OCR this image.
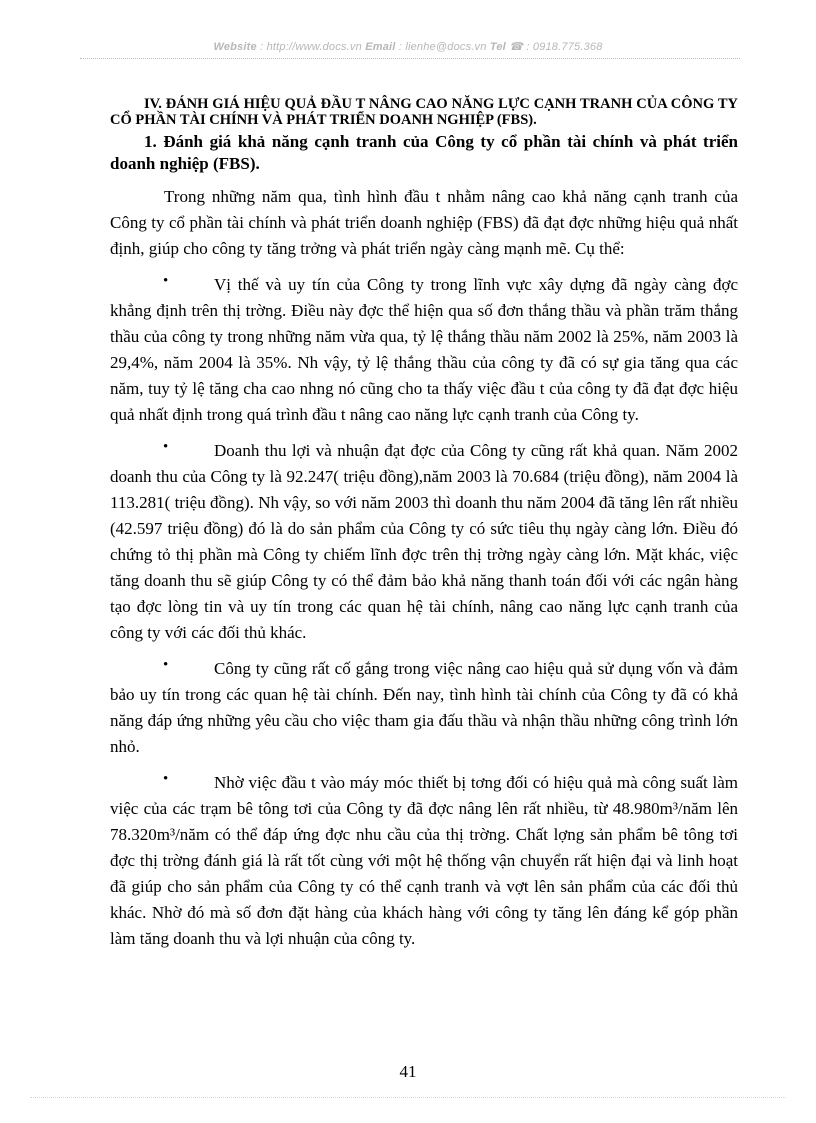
Website : http://www.docs.vn Email : lienhe@docs.vn Tel ☎ : 0918.775.368

IV. ĐÁNH GIÁ HIỆU QUẢ ĐẦU T NÂNG CAO NĂNG LỰC CẠNH TRANH CỦA CÔNG TY CỔ PHẦN TÀI CHÍNH VÀ PHÁT TRIỂN DOANH NGHIỆP (FBS).

1. Đánh giá khả năng cạnh tranh của Công ty cổ phần tài chính và phát triển doanh nghiệp (FBS).

Trong những năm qua, tình hình đầu t nhằm nâng cao khả năng cạnh tranh của Công ty cổ phần tài chính và phát triển doanh nghiệp (FBS) đã đạt đợc những hiệu quả nhất định, giúp cho công ty tăng trởng và phát triển ngày càng mạnh mẽ. Cụ thể:

•	Vị thế và uy tín của Công ty trong lĩnh vực xây dựng đã ngày càng đợc khẳng định trên thị trờng. Điều này đợc thể hiện qua số đơn thắng thầu và phần trăm thắng thầu của công ty trong những năm vừa qua, tỷ lệ thắng thầu năm 2002 là 25%, năm 2003 là 29,4%, năm 2004 là 35%. Nh vậy, tỷ lệ thắng thầu của công ty đã có sự gia tăng qua các năm, tuy tỷ lệ tăng cha cao nhng nó cũng cho ta thấy việc đầu t của công ty đã đạt đợc hiệu quả nhất định trong quá trình đầu t nâng cao năng lực cạnh tranh của Công ty.
•	Doanh thu lợi và nhuận đạt đợc của Công ty cũng rất khả quan. Năm 2002 doanh thu của Công ty là 92.247( triệu đồng),năm 2003 là 70.684 (triệu đồng), năm 2004 là 113.281( triệu đồng). Nh vậy, so với năm 2003 thì doanh thu năm 2004 đã tăng lên rất nhiều (42.597 triệu đồng) đó là do sản phẩm của Công ty có sức tiêu thụ ngày càng lớn. Điều đó chứng tỏ thị phần mà Công ty chiếm lĩnh đợc trên thị trờng ngày càng lớn. Mặt khác, việc tăng doanh thu sẽ giúp Công ty có thể đảm bảo khả năng thanh toán đối với các ngân hàng tạo đợc lòng tin và uy tín trong các quan hệ tài chính, nâng cao năng lực cạnh tranh của công ty với các đối thủ khác.
•	Công ty cũng rất cố gắng trong việc nâng cao hiệu quả sử dụng vốn và đảm bảo uy tín trong các quan hệ tài chính. Đến nay, tình hình tài chính của Công ty đã có khả năng đáp ứng những yêu cầu cho việc tham gia đấu thầu và nhận thầu những công trình lớn nhỏ.
•	Nhờ việc đầu t vào máy móc thiết bị tơng đối có hiệu quả mà công suất làm việc của các trạm bê tông tơi của Công ty đã đợc nâng lên rất nhiều, từ 48.980m³/năm lên 78.320m³/năm có thể đáp ứng đợc nhu cầu của thị trờng. Chất lợng sản phẩm bê tông tơi đợc thị trờng đánh giá là rất tốt cùng với một hệ thống vận chuyển rất hiện đại và linh hoạt đã giúp cho sản phẩm của Công ty có thể cạnh tranh và vợt lên sản phẩm của các đối thủ khác. Nhờ đó mà số đơn đặt hàng của khách hàng với công ty tăng lên đáng kể góp phần làm tăng doanh thu và lợi nhuận của công ty.
41
